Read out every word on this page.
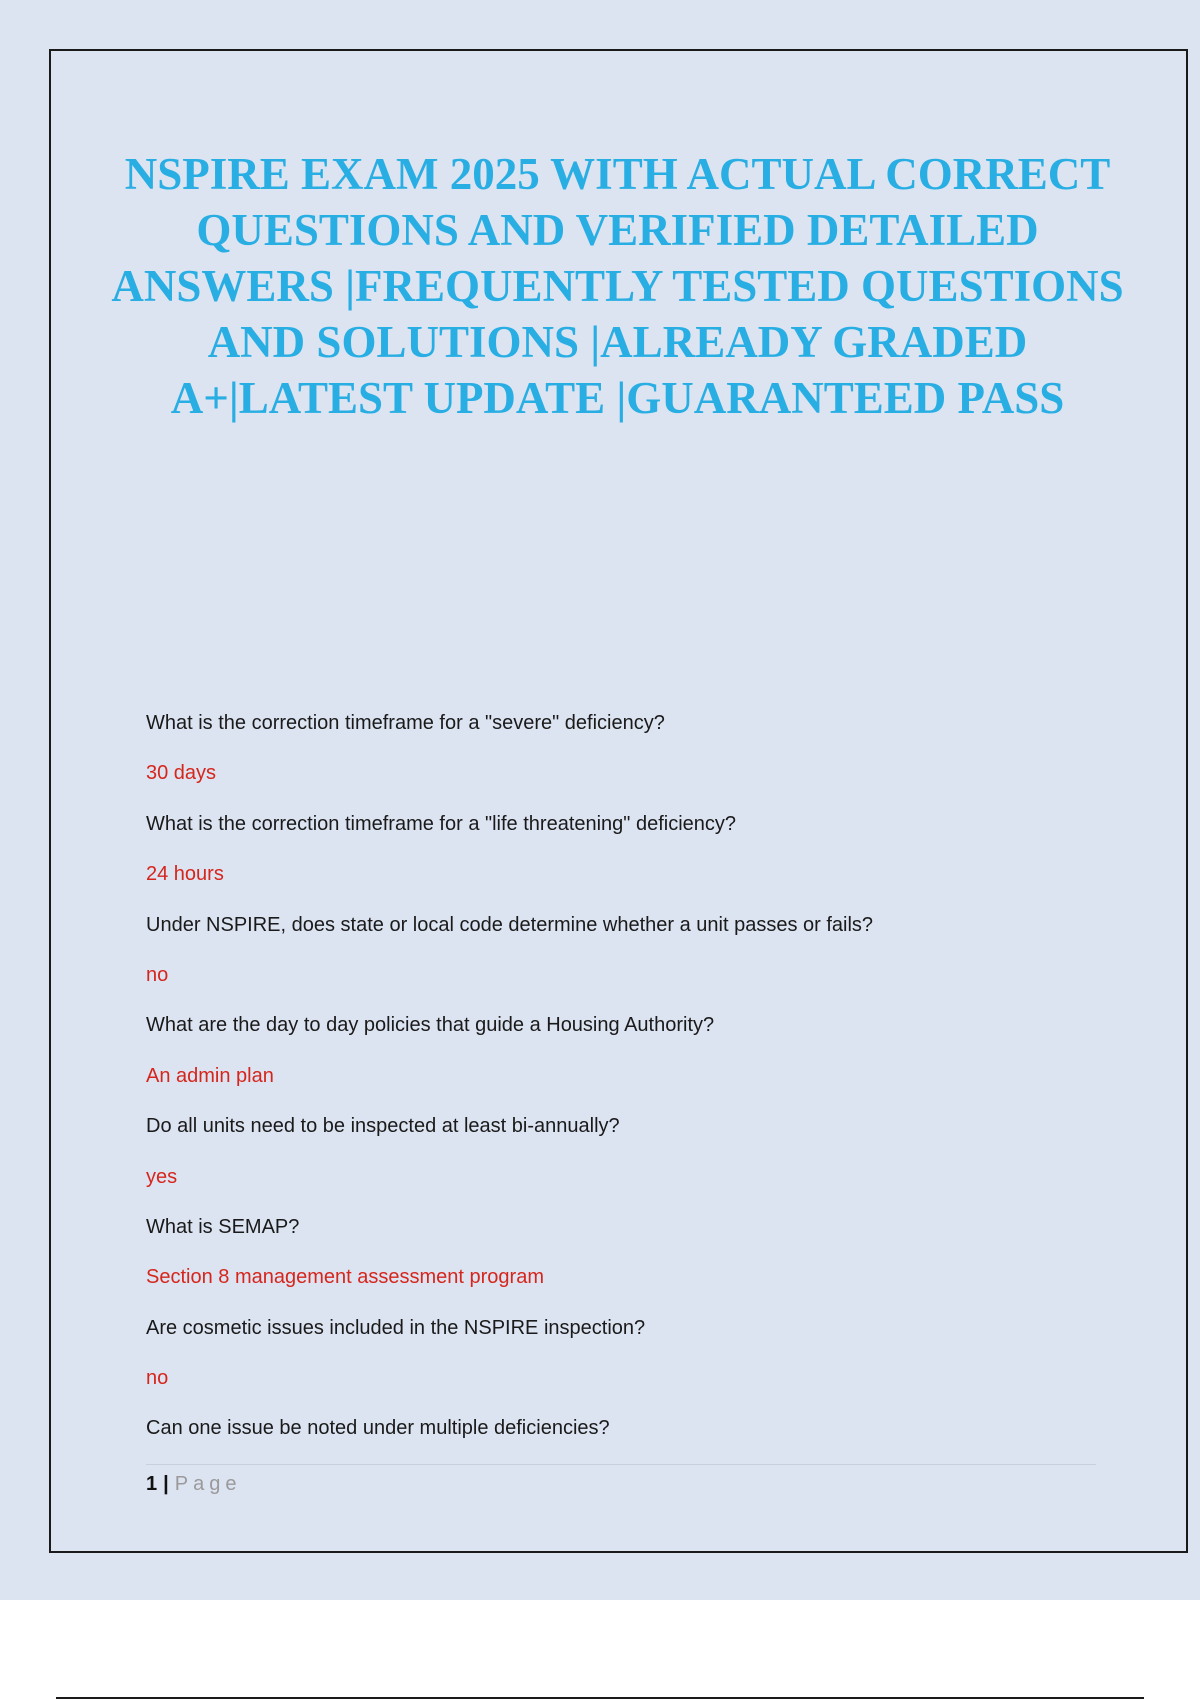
NSPIRE EXAM 2025 WITH ACTUAL CORRECT QUESTIONS AND VERIFIED DETAILED ANSWERS |FREQUENTLY TESTED QUESTIONS AND SOLUTIONS |ALREADY GRADED A+|LATEST UPDATE |GUARANTEED PASS

What is the correction timeframe for a "severe" deficiency?

30 days

What is the correction timeframe for a "life threatening" deficiency?

24 hours

Under NSPIRE, does state or local code determine whether a unit passes or fails?

no

What are the day to day policies that guide a Housing Authority?

An admin plan

Do all units need to be inspected at least bi-annually?

yes

What is SEMAP?

Section 8 management assessment program

Are cosmetic issues included in the NSPIRE inspection?

no

Can one issue be noted under multiple deficiencies?

1 | Page
